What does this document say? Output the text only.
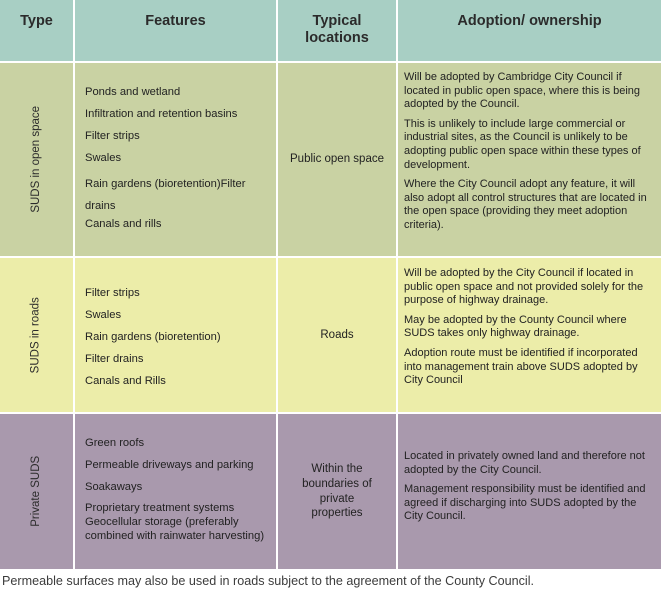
Type	Features	Typical locations
Adoption/ ownership
SUDS in open space
Ponds and wetland
Infiltration and retention basins
Filter strips
Swales
Rain gardens (bioretention)Filter drains
Canals and rills
Public open space

Will be adopted by Cambridge City Council if located in public open space, where this is being adopted by the Council.

This is unlikely to include large commercial or industrial sites, as the Council is unlikely to be adopting public open space within these types of development.

Where the City Council adopt any feature, it will also adopt all control structures that are located in the open space (providing they meet adoption criteria).

SUDS in roads
Filter strips
Swales
Rain gardens (bioretention)
Filter drains
Canals and Rills
Roads

Will be adopted by the City Council if located in public open space and not provided solely for the purpose of highway drainage.

May be adopted by the County Council where SUDS takes only highway drainage.

Adoption route must be identified if incorporated into management train above SUDS adopted by City Council

Private SUDS
Green roofs
Permeable driveways and parking
Soakaways
Proprietary treatment systems Geocellular storage (preferably combined with rainwater harvesting)
Within the boundaries of private properties

Located in privately owned land and therefore not adopted by the City Council.

Management responsibility must be identified and agreed if discharging into SUDS adopted by the City Council.

Permeable surfaces may also be used in roads subject to the agreement of the County Council.
